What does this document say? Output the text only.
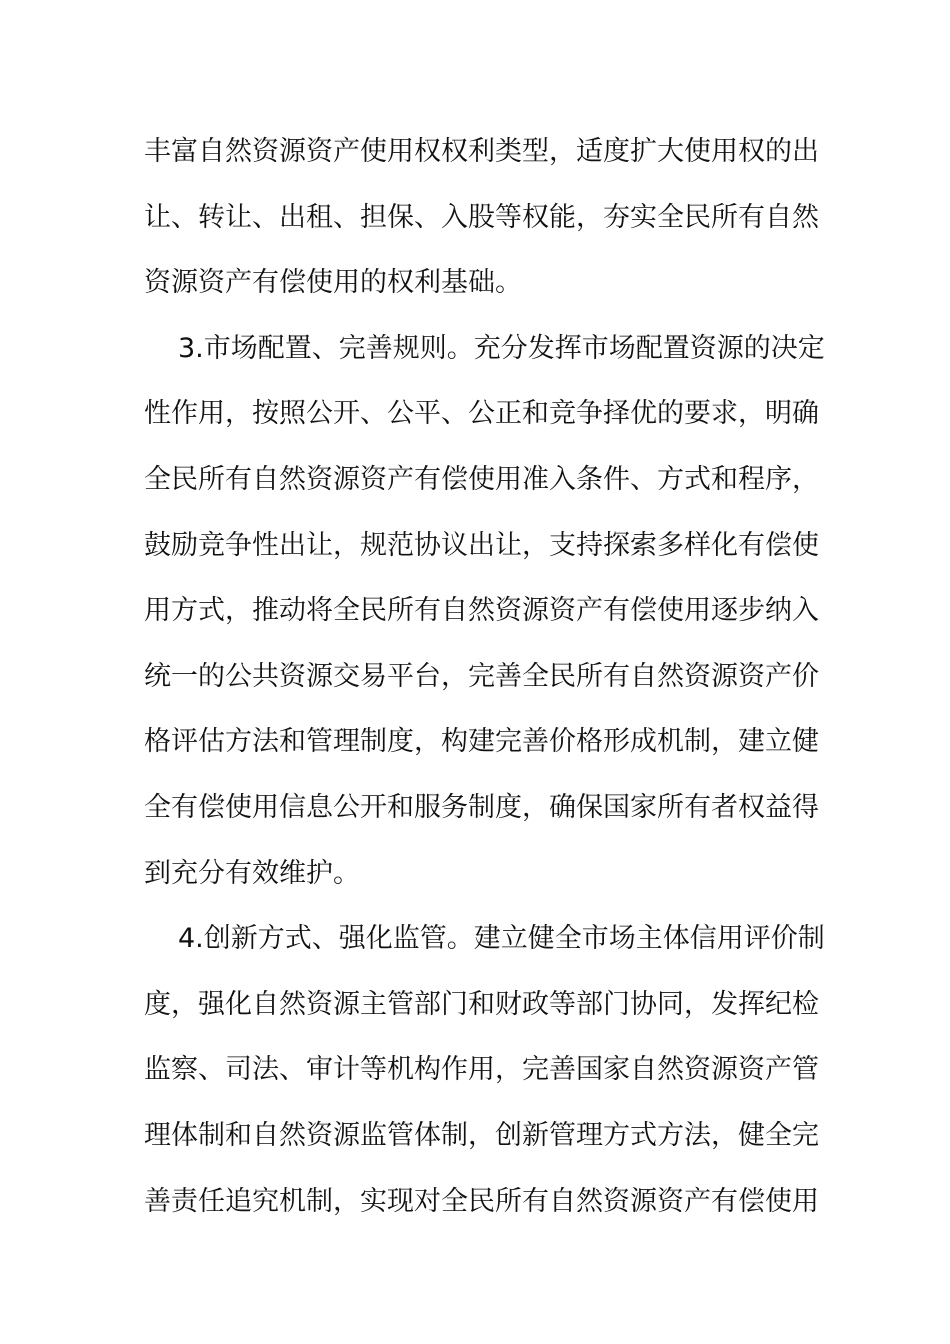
丰富自然资源资产使用权权利类型，适度扩大使用权的出
让、转让、出租、担保、入股等权能，夯实全民所有自然
资源资产有偿使用的权利基础。
3.市场配置、完善规则。充分发挥市场配置资源的决定
性作用，按照公开、公平、公正和竞争择优的要求，明确
全民所有自然资源资产有偿使用准入条件、方式和程序，
鼓励竞争性出让，规范协议出让，支持探索多样化有偿使
用方式，推动将全民所有自然资源资产有偿使用逐步纳入
统一的公共资源交易平台，完善全民所有自然资源资产价
格评估方法和管理制度，构建完善价格形成机制，建立健
全有偿使用信息公开和服务制度，确保国家所有者权益得
到充分有效维护。
4.创新方式、强化监管。建立健全市场主体信用评价制
度，强化自然资源主管部门和财政等部门协同，发挥纪检
监察、司法、审计等机构作用，完善国家自然资源资产管
理体制和自然资源监管体制，创新管理方式方法，健全完
善责任追究机制，实现对全民所有自然资源资产有偿使用
